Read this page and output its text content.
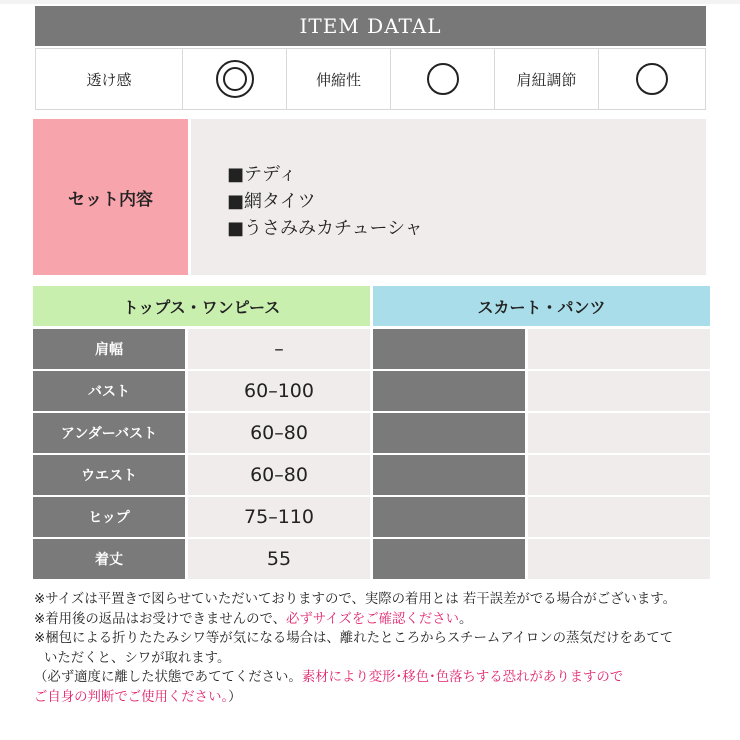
ITEM DATAL
透け感	伸縮性	肩紐調節
セット内容
■テディ
■網タイツ
■うさみみカチューシャ
トップス・ワンピース	スカート・パンツ
肩幅	–
バスト	60–100
アンダーバスト	60–80
ウエスト	60–80
ヒップ	75–110
着丈	55

※サイズは平置きで図らせていただいておりますので、実際の着用とは 若干誤差がでる場合がございます。

※着用後の返品はお受けできませんので、必ずサイズをご確認ください。

※梱包による折りたたみシワ等が気になる場合は、離れたところからスチームアイロンの蒸気だけをあてて

いただくと、シワが取れます。

（必ず適度に離した状態であててください。素材により変形･移色･色落ちする恐れがありますので

ご自身の判断でご使用ください。）
